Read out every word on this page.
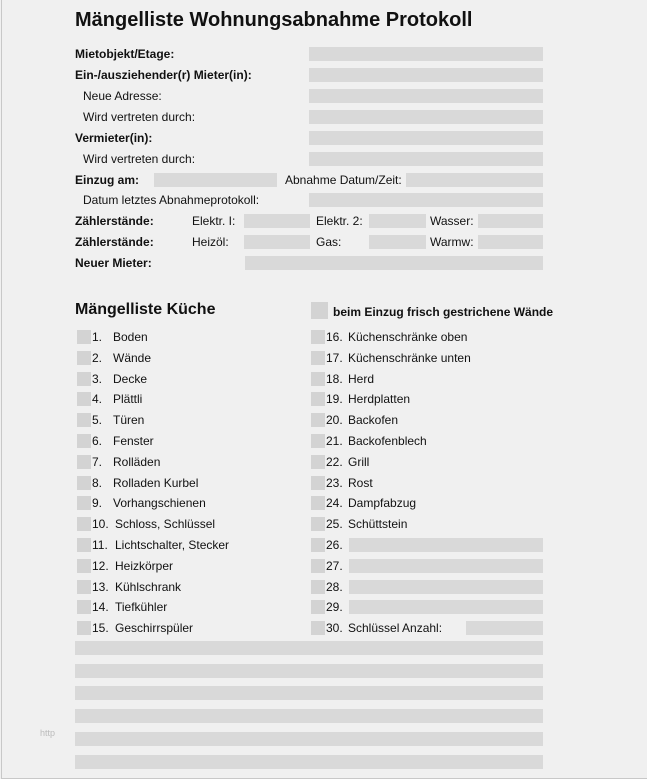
Mängelliste Wohnungsabnahme Protokoll
Mietobjekt/Etage:
Ein-/ausziehender(r) Mieter(in):
Neue Adresse:
Wird vertreten durch:
Vermieter(in):
Wird vertreten durch:
Einzug am:	Abnahme Datum/Zeit:
Datum letztes Abnahmeprotokoll:
Zählerstände:	Elektr. I:	Elektr. 2:	Wasser:
Zählerstände:	Heizöl:	Gas:	Warmw:
Neuer Mieter:
Mängelliste Küche	beim Einzug frisch gestrichene Wände
http
1. Boden
2. Wände
3. Decke
4. Plättli
5. Türen
6. Fenster
7. Rolläden
8. Rolladen Kurbel
9. Vorhangschienen
10. Schloss, Schlüssel
11. Lichtschalter, Stecker
12. Heizkörper
13. Kühlschrank
14. Tiefkühler
15. Geschirrspüler
16. Küchenschränke oben
17. Küchenschränke unten
18. Herd
19. Herdplatten
20. Backofen
21. Backofenblech
22. Grill
23. Rost
24. Dampfabzug
25. Schüttstein
26.
27.
28.
29.
30. Schlüssel Anzahl:
